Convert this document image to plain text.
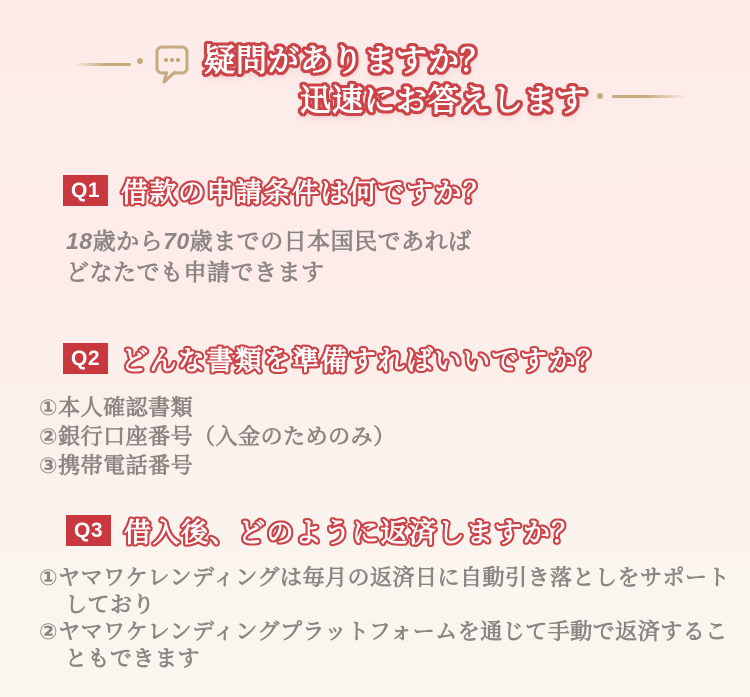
疑問がありますか？
迅速にお答えします
Q1 借款の申請条件は何ですか？
18歳から70歳までの日本国民であれば
どなたでも申請できます
Q2 どんな書類を準備すればいいですか？
①本人確認書類
②銀行口座番号（入金のためのみ）
③携帯電話番号
Q3 借入後、どのように返済しますか？
①ヤマワケレンディングは毎月の返済日に自動引き落としをサポート
しており
②ヤマワケレンディングプラットフォームを通じて手動で返済するこ
ともできます
